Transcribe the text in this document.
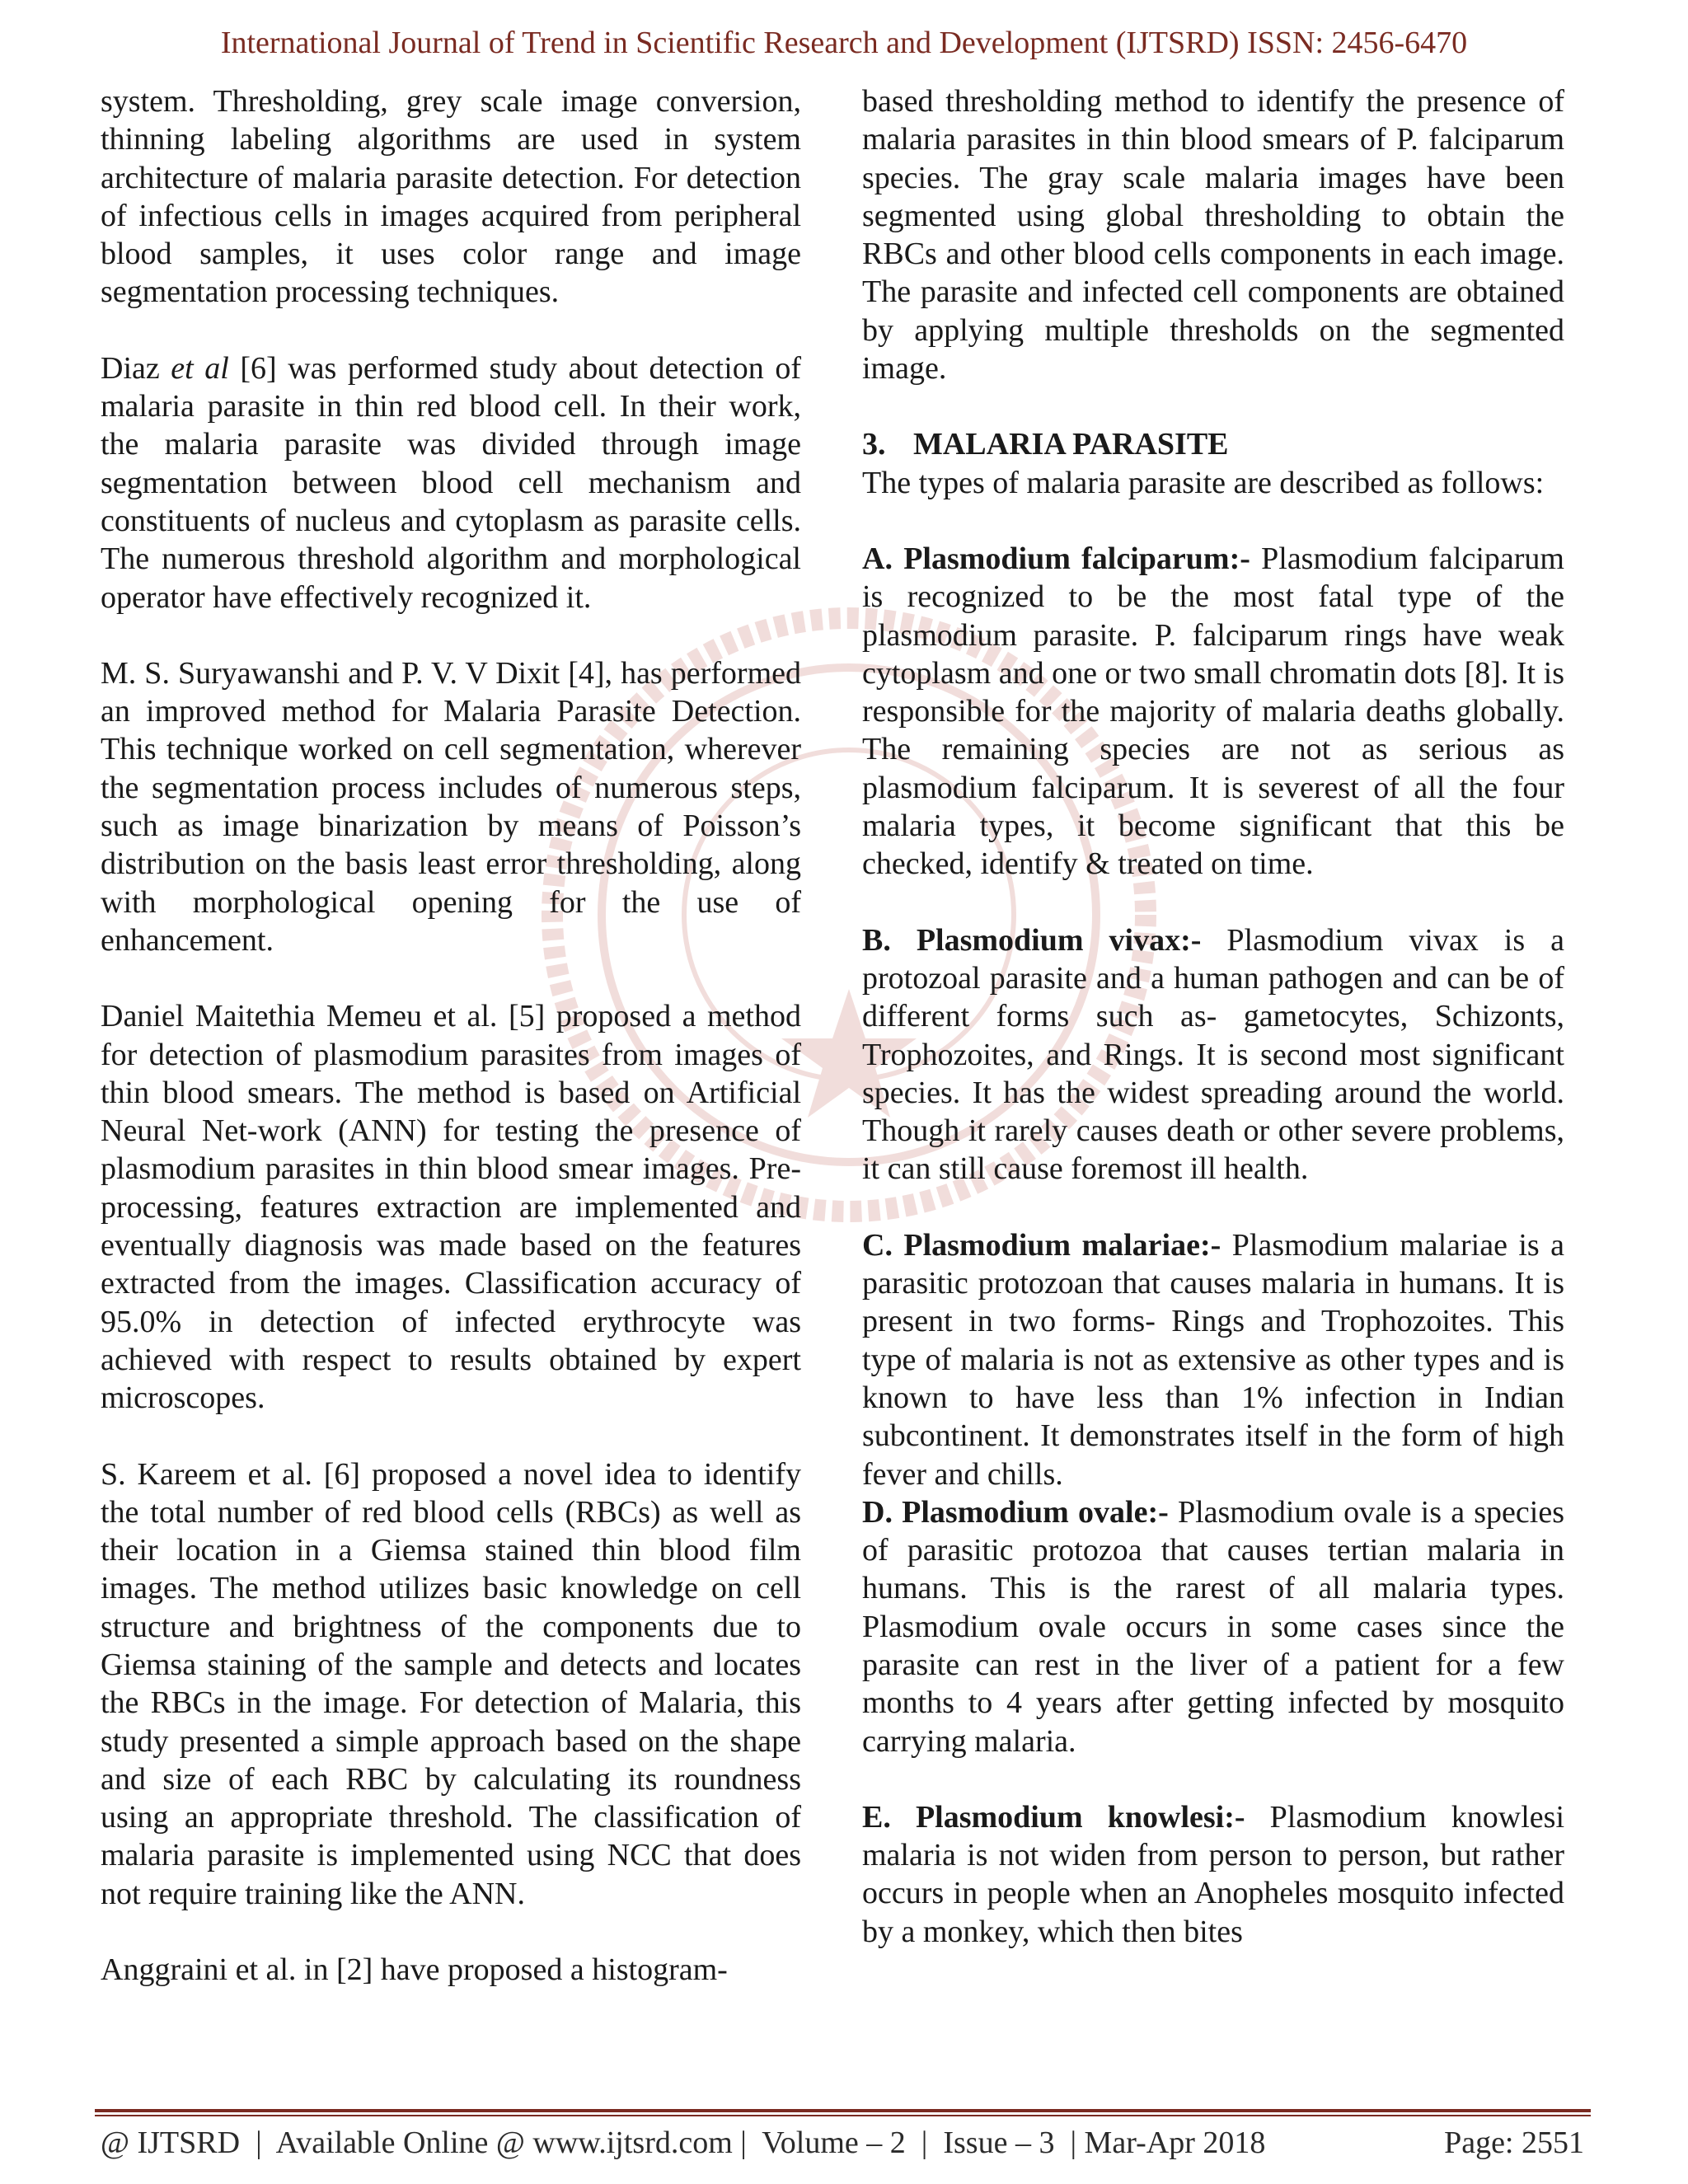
International Journal of Trend in Scientific Research and Development (IJTSRD) ISSN: 2456-6470

system. Thresholding, grey scale image conversion, thinning labeling algorithms are used in system architecture of malaria parasite detection. For detection of infectious cells in images acquired from peripheral blood samples, it uses color range and image segmentation processing techniques.

Diaz et al [6] was performed study about detection of malaria parasite in thin red blood cell. In their work, the malaria parasite was divided through image segmentation between blood cell mechanism and constituents of nucleus and cytoplasm as parasite cells. The numerous threshold algorithm and morphological operator have effectively recognized it.

M. S. Suryawanshi and P. V. V Dixit [4], has performed an improved method for Malaria Parasite Detection. This technique worked on cell segmentation, wherever the segmentation process includes of numerous steps, such as image binarization by means of Poisson’s distribution on the basis least error thresholding, along with morphological opening for the use of enhancement.

Daniel Maitethia Memeu et al. [5] proposed a method for detection of plasmodium parasites from images of thin blood smears. The method is based on Artificial Neural Net-work (ANN) for testing the presence of plasmodium parasites in thin blood smear images. Pre-processing, features extraction are implemented and eventually diagnosis was made based on the features extracted from the images. Classification accuracy of 95.0% in detection of infected erythrocyte was achieved with respect to results obtained by expert microscopes.

S. Kareem et al. [6] proposed a novel idea to identify the total number of red blood cells (RBCs) as well as their location in a Giemsa stained thin blood film images. The method utilizes basic knowledge on cell structure and brightness of the components due to Giemsa staining of the sample and detects and locates the RBCs in the image. For detection of Malaria, this study presented a simple approach based on the shape and size of each RBC by calculating its roundness using an appropriate threshold. The classification of malaria parasite is implemented using NCC that does not require training like the ANN.

Anggraini et al. in [2] have proposed a histogram-

based thresholding method to identify the presence of malaria parasites in thin blood smears of P. falciparum species. The gray scale malaria images have been segmented using global thresholding to obtain the RBCs and other blood cells components in each image. The parasite and infected cell components are obtained by applying multiple thresholds on the segmented image.

3. MALARIA PARASITE

The types of malaria parasite are described as follows:

A. Plasmodium falciparum:- Plasmodium falciparum is recognized to be the most fatal type of the plasmodium parasite. P. falciparum rings have weak cytoplasm and one or two small chromatin dots [8]. It is responsible for the majority of malaria deaths globally. The remaining species are not as serious as plasmodium falciparum. It is severest of all the four malaria types, it become significant that this be checked, identify & treated on time.

B. Plasmodium vivax:- Plasmodium vivax is a protozoal parasite and a human pathogen and can be of different forms such as- gametocytes, Schizonts, Trophozoites, and Rings. It is second most significant species. It has the widest spreading around the world. Though it rarely causes death or other severe problems, it can still cause foremost ill health.

C. Plasmodium malariae:- Plasmodium malariae is a parasitic protozoan that causes malaria in humans. It is present in two forms- Rings and Trophozoites. This type of malaria is not as extensive as other types and is known to have less than 1% infection in Indian subcontinent. It demonstrates itself in the form of high fever and chills.

D. Plasmodium ovale:- Plasmodium ovale is a species of parasitic protozoa that causes tertian malaria in humans. This is the rarest of all malaria types. Plasmodium ovale occurs in some cases since the parasite can rest in the liver of a patient for a few months to 4 years after getting infected by mosquito carrying malaria.

E. Plasmodium knowlesi:- Plasmodium knowlesi malaria is not widen from person to person, but rather occurs in people when an Anopheles mosquito infected by a monkey, which then bites

@ IJTSRD  |  Available Online @ www.ijtsrd.com |  Volume – 2  |  Issue – 3  | Mar-Apr 2018	Page: 2551
